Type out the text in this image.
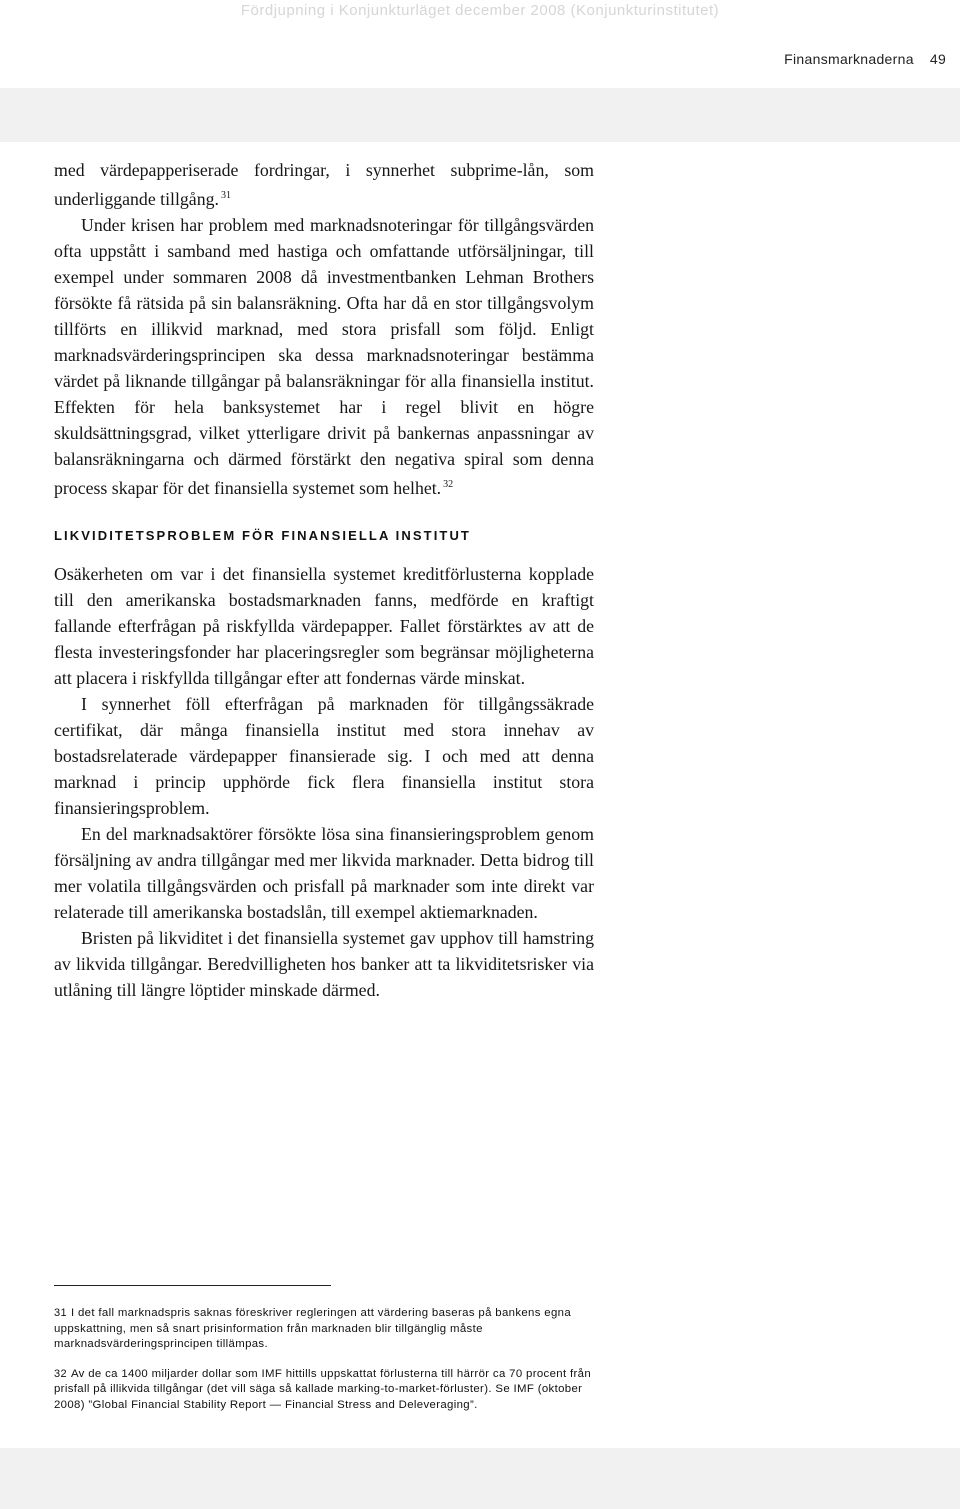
Fördjupning i Konjunkturläget december 2008 (Konjunkturinstitutet)
Finansmarknaderna 49

med värdepapperiserade fordringar, i synnerhet subprime-lån, som underliggande tillgång. $^{31}$

Under krisen har problem med marknadsnoteringar för tillgångsvärden ofta uppstått i samband med hastiga och omfattande utförsäljningar, till exempel under sommaren 2008 då investmentbanken Lehman Brothers försökte få rätsida på sin balansräkning. Ofta har då en stor tillgångsvolym tillförts en illikvid marknad, med stora prisfall som följd. Enligt marknadsvärderingsprincipen ska dessa marknadsnoteringar bestämma värdet på liknande tillgångar på balansräkningar för alla finansiella institut. Effekten för hela banksystemet har i regel blivit en högre skuldsättningsgrad, vilket ytterligare drivit på bankernas anpassningar av balansräkningarna och därmed förstärkt den negativa spiral som denna process skapar för det finansiella systemet som helhet. $^{32}$

LIKVIDITETSPROBLEM FÖR FINANSIELLA INSTITUT

Osäkerheten om var i det finansiella systemet kreditförlusterna kopplade till den amerikanska bostadsmarknaden fanns, medförde en kraftigt fallande efterfrågan på riskfyllda värdepapper. Fallet förstärktes av att de flesta investeringsfonder har placeringsregler som begränsar möjligheterna att placera i riskfyllda tillgångar efter att fondernas värde minskat.

I synnerhet föll efterfrågan på marknaden för tillgångssäkrade certifikat, där många finansiella institut med stora innehav av bostadsrelaterade värdepapper finansierade sig. I och med att denna marknad i princip upphörde fick flera finansiella institut stora finansieringsproblem.

En del marknadsaktörer försökte lösa sina finansieringsproblem genom försäljning av andra tillgångar med mer likvida marknader. Detta bidrog till mer volatila tillgångsvärden och prisfall på marknader som inte direkt var relaterade till amerikanska bostadslån, till exempel aktiemarknaden.

Bristen på likviditet i det finansiella systemet gav upphov till hamstring av likvida tillgångar. Beredvilligheten hos banker att ta likviditetsrisker via utlåning till längre löptider minskade därmed.

31 I det fall marknadspris saknas föreskriver regleringen att värdering baseras på bankens egna uppskattning, men så snart prisinformation från marknaden blir tillgänglig måste marknadsvärderingsprincipen tillämpas.

32 Av de ca 1400 miljarder dollar som IMF hittills uppskattat förlusterna till härrör ca 70 procent från prisfall på illikvida tillgångar (det vill säga så kallade marking-to-market-förluster). Se IMF (oktober 2008) ”Global Financial Stability Report — Financial Stress and Deleveraging”.
